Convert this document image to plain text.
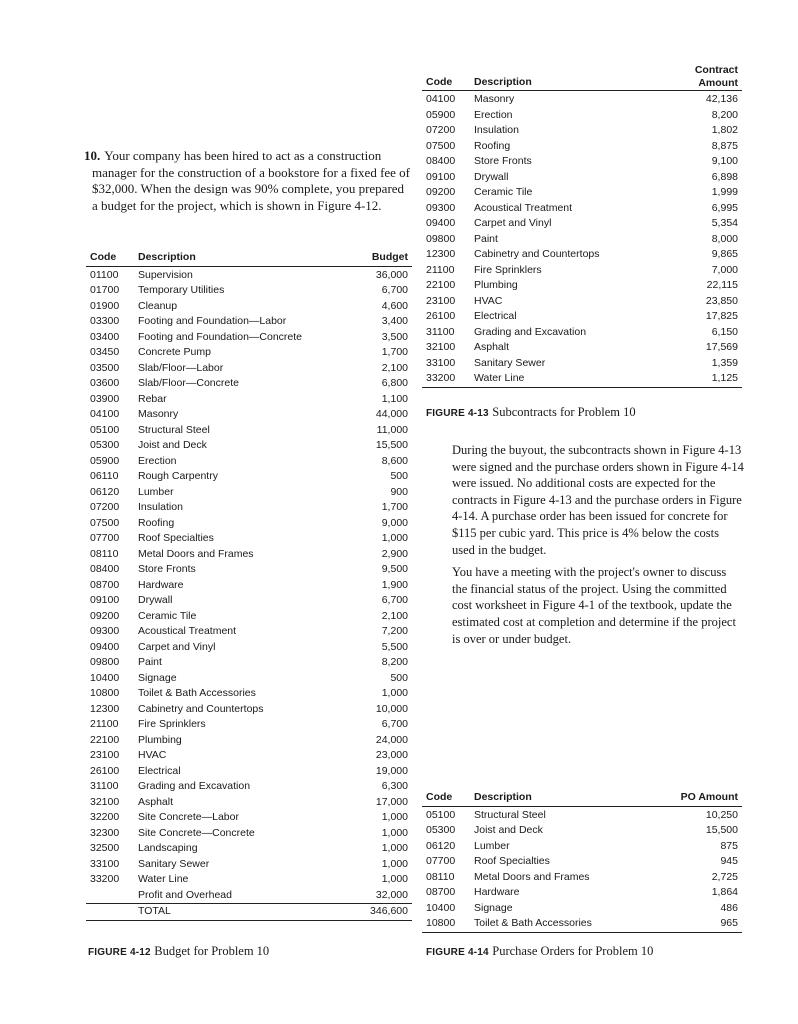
10. Your company has been hired to act as a construction manager for the construction of a bookstore for a fixed fee of $32,000. When the design was 90% complete, you prepared a budget for the project, which is shown in Figure 4-12.
Code	Description	Budget
01100	Supervision	36,000
01700	Temporary Utilities	6,700
01900	Cleanup	4,600
03300	Footing and Foundation—Labor	3,400
03400	Footing and Foundation—Concrete	3,500
03450	Concrete Pump	1,700
03500	Slab/Floor—Labor	2,100
03600	Slab/Floor—Concrete	6,800
03900	Rebar	1,100
04100	Masonry	44,000
05100	Structural Steel	11,000
05300	Joist and Deck	15,500
05900	Erection	8,600
06110	Rough Carpentry	500
06120	Lumber	900
07200	Insulation	1,700
07500	Roofing	9,000
07700	Roof Specialties	1,000
08110	Metal Doors and Frames	2,900
08400	Store Fronts	9,500
08700	Hardware	1,900
09100	Drywall	6,700
09200	Ceramic Tile	2,100
09300	Acoustical Treatment	7,200
09400	Carpet and Vinyl	5,500
09800	Paint	8,200
10400	Signage	500
10800	Toilet & Bath Accessories	1,000
12300	Cabinetry and Countertops	10,000
21100	Fire Sprinklers	6,700
22100	Plumbing	24,000
23100	HVAC	23,000
26100	Electrical	19,000
31100	Grading and Excavation	6,300
32100	Asphalt	17,000
32200	Site Concrete—Labor	1,000
32300	Site Concrete—Concrete	1,000
32500	Landscaping	1,000
33100	Sanitary Sewer	1,000
33200	Water Line	1,000
	Profit and Overhead	32,000
	TOTAL	346,600
FIGURE 4-12 Budget for Problem 10
Code	Description	Contract
Amount
04100	Masonry	42,136
05900	Erection	8,200
07200	Insulation	1,802
07500	Roofing	8,875
08400	Store Fronts	9,100
09100	Drywall	6,898
09200	Ceramic Tile	1,999
09300	Acoustical Treatment	6,995
09400	Carpet and Vinyl	5,354
09800	Paint	8,000
12300	Cabinetry and Countertops	9,865
21100	Fire Sprinklers	7,000
22100	Plumbing	22,115
23100	HVAC	23,850
26100	Electrical	17,825
31100	Grading and Excavation	6,150
32100	Asphalt	17,569
33100	Sanitary Sewer	1,359
33200	Water Line	1,125
FIGURE 4-13 Subcontracts for Problem 10

During the buyout, the subcontracts shown in Figure 4-13 were signed and the purchase orders shown in Figure 4-14 were issued. No additional costs are expected for the contracts in Figure 4-13 and the purchase orders in Figure 4-14. A purchase order has been issued for concrete for $115 per cubic yard. This price is 4% below the costs used in the budget.

You have a meeting with the project's owner to discuss the financial status of the project. Using the committed cost worksheet in Figure 4-1 of the textbook, update the estimated cost at completion and determine if the project is over or under budget.

Code	Description	PO Amount
05100	Structural Steel	10,250
05300	Joist and Deck	15,500
06120	Lumber	875
07700	Roof Specialties	945
08110	Metal Doors and Frames	2,725
08700	Hardware	1,864
10400	Signage	486
10800	Toilet & Bath Accessories	965
FIGURE 4-14 Purchase Orders for Problem 10
